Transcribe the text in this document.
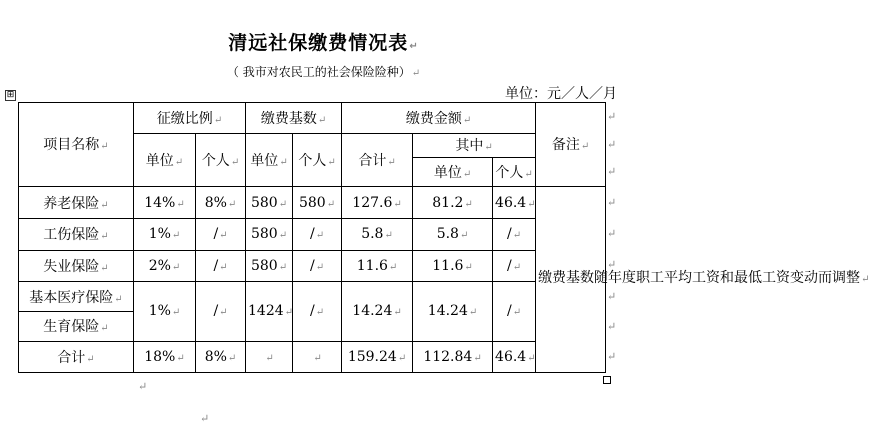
清远社保缴费情况表↵
（ 我市对农民工的社会保险险种）↵
单位：元／人／月
⊞
项目名称↵	征缴比例↵		缴费基数↵		缴费金额↵			备注↵
	单位↵	个人↵	单位↵	个人↵	合计↵	其中↵		
						单位↵	个人↵	
养老保险↵	14%↵	8%↵	580↵	580↵	127.6↵	81.2↵	46.4↵	缴费基数随年度职工平均工资和最低工资变动而调整↵
工伤保险↵	1%↵	/↵	580↵	/↵	5.8↵	5.8↵	/↵	
失业保险↵	2%↵	/↵	580↵	/↵	11.6↵	11.6↵	/↵	
基本医疗保险↵	1%↵	/↵	1424↵	/↵	14.24↵	14.24↵	/↵	
生育保险↵								
合计↵	18%↵	8%↵	↵	↵	159.24↵	112.84↵	46.4↵	
↵
↵
↵
↵
↵
↵
↵
↵
↵
↵
↵
